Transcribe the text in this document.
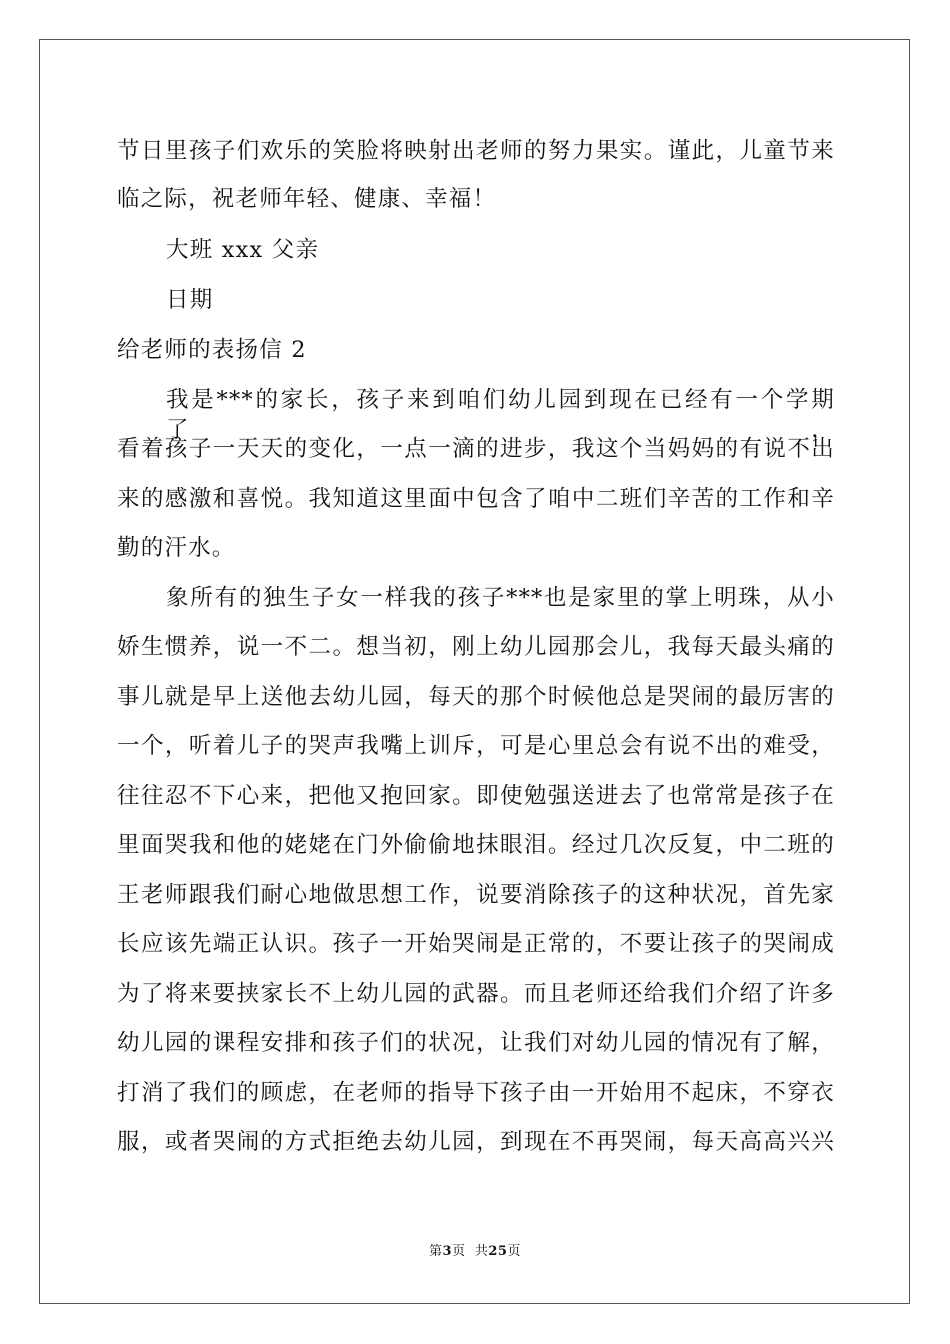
节日里孩子们欢乐的笑脸将映射出老师的努力果实。谨此，儿童节来
临之际，祝老师年轻、健康、幸福！
大班 xxx 父亲
日期
给老师的表扬信 2
我是***的家长，孩子来到咱们幼儿园到现在已经有一个学期了，
看着孩子一天天的变化，一点一滴的进步，我这个当妈妈的有说不出
来的感激和喜悦。我知道这里面中包含了咱中二班们辛苦的工作和辛
勤的汗水。
象所有的独生子女一样我的孩子***也是家里的掌上明珠，从小
娇生惯养，说一不二。想当初，刚上幼儿园那会儿，我每天最头痛的
事儿就是早上送他去幼儿园，每天的那个时候他总是哭闹的最厉害的
一个，听着儿子的哭声我嘴上训斥，可是心里总会有说不出的难受，
往往忍不下心来，把他又抱回家。即使勉强送进去了也常常是孩子在
里面哭我和他的姥姥在门外偷偷地抹眼泪。经过几次反复，中二班的
王老师跟我们耐心地做思想工作，说要消除孩子的这种状况，首先家
长应该先端正认识。孩子一开始哭闹是正常的，不要让孩子的哭闹成
为了将来要挟家长不上幼儿园的武器。而且老师还给我们介绍了许多
幼儿园的课程安排和孩子们的状况，让我们对幼儿园的情况有了解，
打消了我们的顾虑，在老师的指导下孩子由一开始用不起床，不穿衣
服，或者哭闹的方式拒绝去幼儿园，到现在不再哭闹，每天高高兴兴
第3页  共25页
